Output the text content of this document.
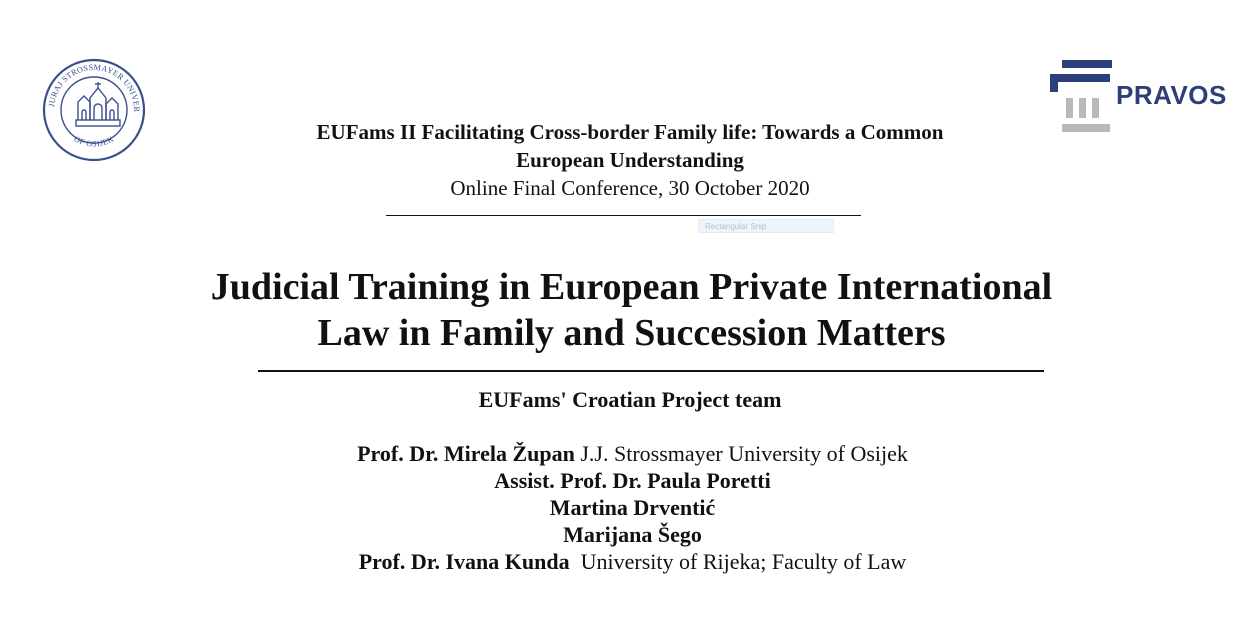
JURAJ STROSSMAYER UNIVER
OF OSIJEK
PRAVOS
EUFams II Facilitating Cross-border Family life: Towards a Common
European Understanding
Online Final Conference, 30 October 2020
Rectangular Snip
Judicial Training in European Private International
Law in Family and Succession Matters
EUFams' Croatian Project team
Prof. Dr. Mirela Župan J.J. Strossmayer University of Osijek
Assist. Prof. Dr. Paula Poretti
Martina Drventić
Marijana Šego
Prof. Dr. Ivana Kunda University of Rijeka; Faculty of Law
